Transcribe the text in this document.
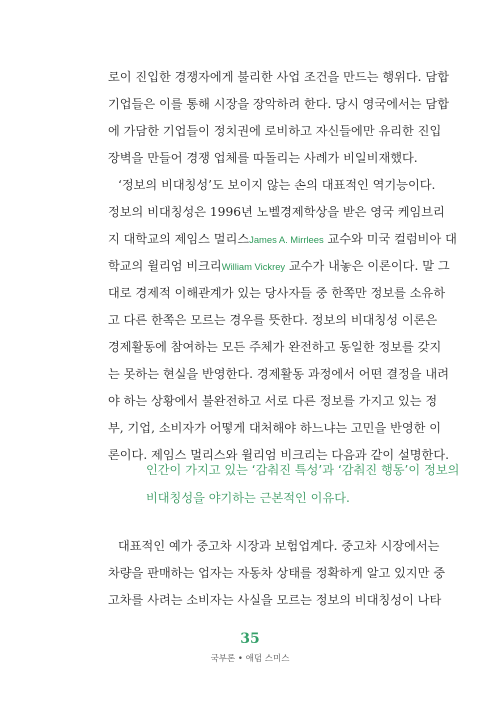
로이 진입한 경쟁자에게 불리한 사업 조건을 만드는 행위다. 담합
기업들은 이를 통해 시장을 장악하려 한다. 당시 영국에서는 담합
에 가담한 기업들이 정치권에 로비하고 자신들에만 유리한 진입
장벽을 만들어 경쟁 업체를 따돌리는 사례가 비일비재했다.
‘정보의 비대칭성’도 보이지 않는 손의 대표적인 역기능이다.
정보의 비대칭성은 1996년 노벨경제학상을 받은 영국 케임브리
지 대학교의 제임스 멀리스James A. Mirrlees 교수와 미국 컬럼비아 대
학교의 윌리엄 비크리William Vickrey 교수가 내놓은 이론이다. 말 그
대로 경제적 이해관계가 있는 당사자들 중 한쪽만 정보를 소유하
고 다른 한쪽은 모르는 경우를 뜻한다. 정보의 비대칭성 이론은
경제활동에 참여하는 모든 주체가 완전하고 동일한 정보를 갖지
는 못하는 현실을 반영한다. 경제활동 과정에서 어떤 결정을 내려
야 하는 상황에서 불완전하고 서로 다른 정보를 가지고 있는 정
부, 기업, 소비자가 어떻게 대처해야 하느냐는 고민을 반영한 이
론이다. 제임스 멀리스와 윌리엄 비크리는 다음과 같이 설명한다.
인간이 가지고 있는 ‘감춰진 특성’과 ‘감춰진 행동’이 정보의
비대칭성을 야기하는 근본적인 이유다.
대표적인 예가 중고차 시장과 보험업계다. 중고차 시장에서는
차량을 판매하는 업자는 자동차 상태를 정확하게 알고 있지만 중
고차를 사려는 소비자는 사실을 모르는 정보의 비대칭성이 나타
35
국부론 • 애덤 스미스
